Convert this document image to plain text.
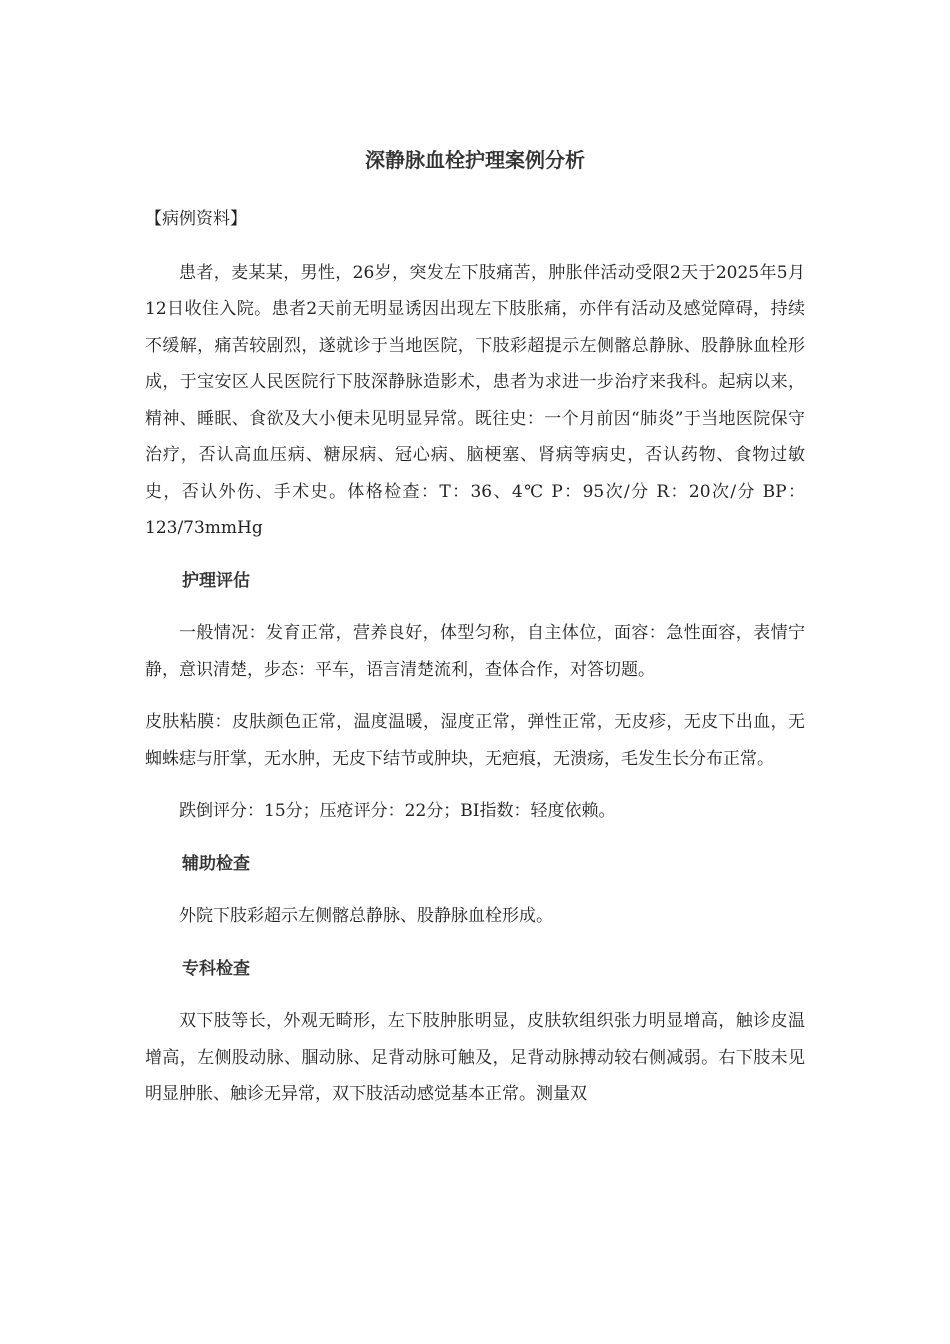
深静脉血栓护理案例分析

【病例资料】

患者，麦某某，男性，26岁，突发左下肢痛苦，肿胀伴活动受限2天于2025年5月12日收住入院。患者2天前无明显诱因出现左下肢胀痛，亦伴有活动及感觉障碍，持续不缓解，痛苦较剧烈，遂就诊于当地医院，下肢彩超提示左侧髂总静脉、股静脉血栓形成，于宝安区人民医院行下肢深静脉造影术，患者为求进一步治疗来我科。起病以来，精神、睡眠、食欲及大小便未见明显异常。既往史：一个月前因“肺炎”于当地医院保守治疗，否认高血压病、糖尿病、冠心病、脑梗塞、肾病等病史，否认药物、食物过敏史，否认外伤、手术史。体格检查：T：36、4℃ P：95次/分 R：20次/分 BP：123/73mmHg

护理评估

一般情况：发育正常，营养良好，体型匀称，自主体位，面容：急性面容，表情宁静，意识清楚，步态：平车，语言清楚流利，查体合作，对答切题。

皮肤粘膜：皮肤颜色正常，温度温暖，湿度正常，弹性正常，无皮疹，无皮下出血，无蜘蛛痣与肝掌，无水肿，无皮下结节或肿块，无疤痕，无溃疡，毛发生长分布正常。

跌倒评分：15分；压疮评分：22分；BI指数：轻度依赖。

辅助检查

外院下肢彩超示左侧髂总静脉、股静脉血栓形成。

专科检查

双下肢等长，外观无畸形，左下肢肿胀明显，皮肤软组织张力明显增高，触诊皮温增高，左侧股动脉、腘动脉、足背动脉可触及，足背动脉搏动较右侧减弱。右下肢未见明显肿胀、触诊无异常，双下肢活动感觉基本正常。测量双
